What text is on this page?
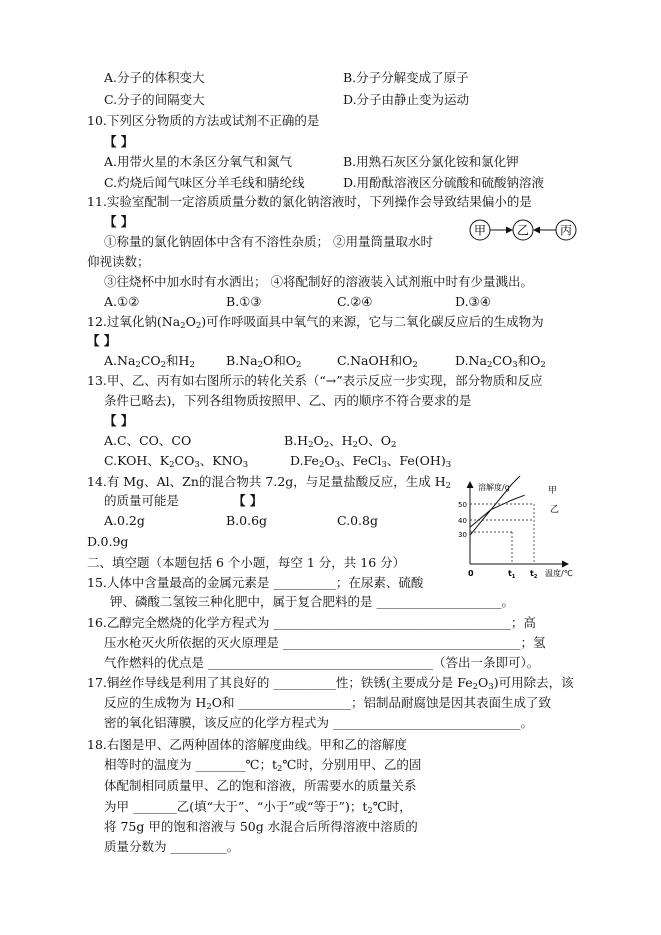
A.分子的体积变大	B.分子分解变成了原子
C.分子的间隔变大	D.分子由静止变为运动
10.下列区分物质的方法或试剂不正确的是
【 】
A.用带火星的木条区分氧气和氮气	B.用熟石灰区分氯化铵和氯化钾
C.灼烧后闻气味区分羊毛线和腈纶线	D.用酚酞溶液区分硫酸和硫酸钠溶液
11.实验室配制一定溶质质量分数的氯化钠溶液时，下列操作会导致结果偏小的是
【 】
①称量的氯化钠固体中含有不溶性杂质； ②用量筒量取水时
仰视读数；
③往烧杯中加水时有水洒出； ④将配制好的溶液装入试剂瓶中时有少量溅出。
A.①②	B.①③	C.②④	D.③④
甲	乙	丙
12.过氧化钠$(Na_2O_2)$可作呼吸面具中氧气的来源，它与二氧化碳反应后的生成物为
【 】
$A.Na_2CO_2$和$H_2$ $B.Na_2O$和$O_2$	C.NaOH和$O_2$	$D.Na_2CO_3$和$O_2$
13.甲、乙、丙有如右图所示的转化关系（“→”表示反应一步实现，部分物质和反应
条件已略去)，下列各组物质按照甲、乙、丙的顺序不符合要求的是
【 】
A.C、CO、CO	$B.H_2O_2$、$H_2O$、$O_2$
C.KOH、$K_2CO_3$、$KNO_3$	$D.Fe_2O_3$、FeCl$_3$、$Fe(OH)_3$
14.有 Mg、Al、Zn的混合物共 7.2g，与足量盐酸反应，生成 $H_2$
的质量可能是	【 】
A.0.2g	B.0.6g	C.0.8g
D.0.9g
溶解度/g
温度/℃
0
50
40
30
$t_1$ $t_2$
甲
乙
二、填空题（本题包括 6 个小题，每空 1 分，共 16 分）
15.人体中含量最高的金属元素是 __________；在尿素、硫酸
钾、磷酸二氢铵三种化肥中，属于复合肥料的是 ____________________。
16.乙醇完全燃烧的化学方程式为 ______________________________________；高
压水枪灭火所依据的灭火原理是 ______________________________________；氢
气作燃料的优点是 ____________________________________（答出一条即可）。
17.铜丝作导线是利用了其良好的 __________性；铁锈(主要成分是 $Fe_2O_3$)可用除去，该
反应的生成物为 $H_2O$和 __________________；铝制品耐腐蚀是因其表面生成了致
密的氧化铝薄膜，该反应的化学方程式为 ______________________________。
18.右图是甲、乙两种固体的溶解度曲线。甲和乙的溶解度
相等时的温度为 ________℃；$t_2℃$时，分别用甲、乙的固
体配制相同质量甲、乙的饱和溶液，所需要水的质量关系
为甲 _______乙(填“大于”、“小于”或“等于”)；$t_2℃$时，
将 75g 甲的饱和溶液与 50g 水混合后所得溶液中溶质的
质量分数为 _________。
